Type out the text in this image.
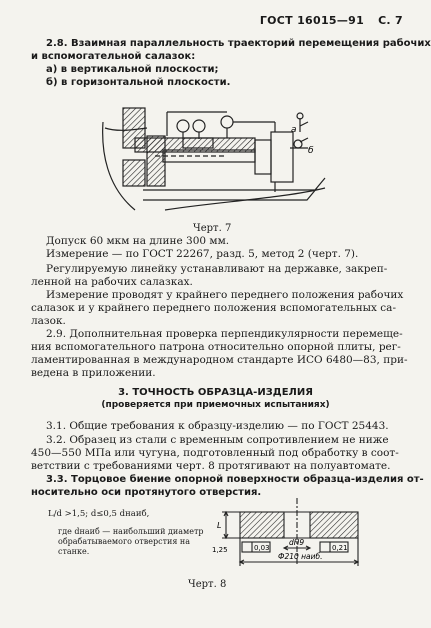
ГОСТ 16015—91 С. 7
2.8. Взаимная параллельность траекторий перемещения рабочих
и вспомогательной салазок:
а) в вертикальной плоскости;
б) в горизонтальной плоскости.
a
б
Черт. 7
Допуск 60 мкм на длине 300 мм.
Измерение — по ГОСТ 22267, разд. 5, метод 2 (черт. 7).
Регулируемую линейку устанавливают на державке, закреп-
ленной на рабочих салазках.
Измерение проводят у крайнего переднего положения рабочих
салазок и у крайнего переднего положения вспомогательных са-
лазок.
2.9. Дополнительная проверка перпендикулярности перемеще-
ния вспомогательного патрона относительно опорной плиты, рег-
ламентированная в международном стандарте ИСО 6480—83, при-
ведена в приложении.
3. ТОЧНОСТЬ ОБРАЗЦА-ИЗДЕЛИЯ
(проверяется при приемочных испытаниях)
3.1. Общие требования к образцу-изделию — по ГОСТ 25443.
3.2. Образец из стали с временным сопротивлением не ниже
450—550 МПа или чугуна, подготовленный под обработку в соот-
ветствии с требованиями черт. 8 протягивают на полуавтомате.
3.3. Торцовое биение опорной поверхности образца-изделия от-
носительно оси протянутого отверстия.
L/d >1,5; d≤0,5 dнаиб,
где dнаиб — наибольший диаметр
обрабатываемого отверстия на
станке.
L
1,25
dН9
0,03	0,21
Ф210 наиб.
Черт. 8
